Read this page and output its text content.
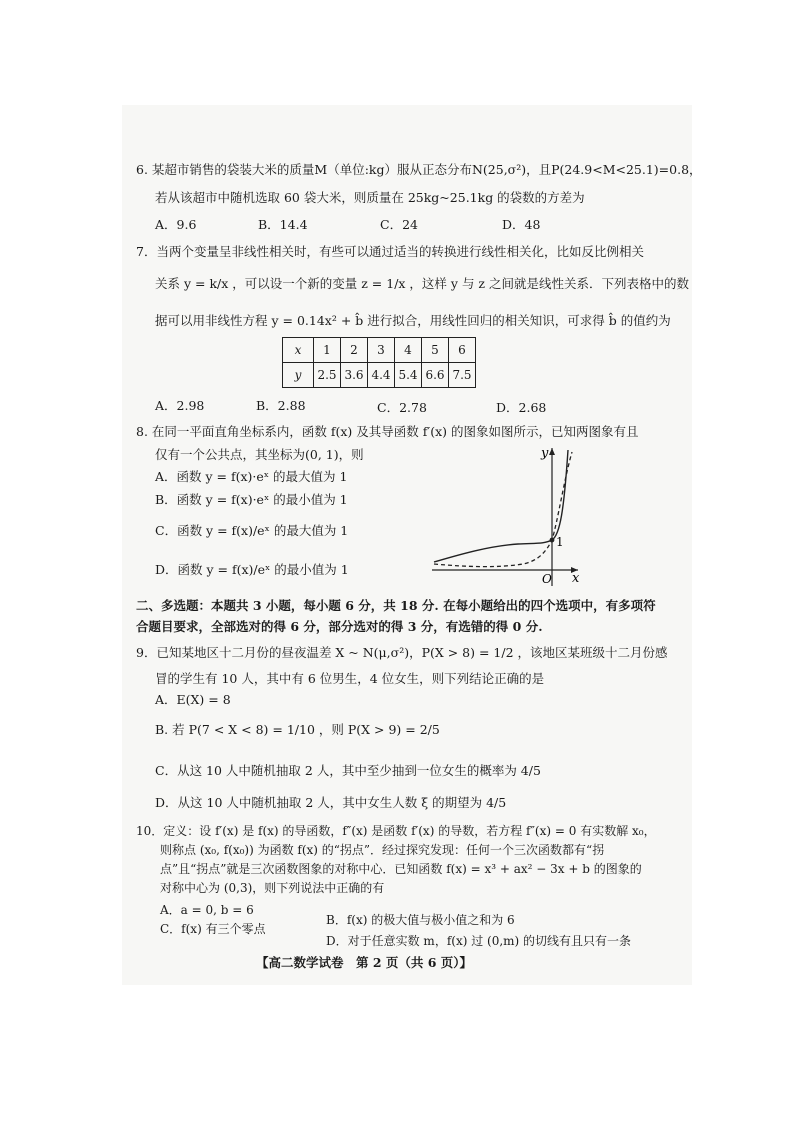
6. 某超市销售的袋装大米的质量M（单位:kg）服从正态分布N(25,σ²)，且P(24.9<M<25.1)=0.8，
若从该超市中随机选取 60 袋大米，则质量在 25kg~25.1kg 的袋数的方差为
A．9.6	B．14.4	C．24	D．48
7．当两个变量呈非线性相关时，有些可以通过适当的转换进行线性相关化，比如反比例相关
关系 y = k/x ，可以设一个新的变量 z = 1/x ，这样 y 与 z 之间就是线性关系．下列表格中的数
据可以用非线性方程 y = 0.14x² + b̂ 进行拟合，用线性回归的相关知识，可求得 b̂ 的值约为
x	1	2	3	4	5	6
y	2.5	3.6	4.4	5.4	6.6	7.5
A．2.98	B．2.88	C．2.78	D．2.68
8. 在同一平面直角坐标系内，函数 f(x) 及其导函数 f′(x) 的图象如图所示，已知两图象有且
仅有一个公共点，其坐标为(0, 1)，则
A．函数 y = f(x)·eˣ 的最大值为 1
B．函数 y = f(x)·eˣ 的最小值为 1
C．函数 y = f(x)/eˣ 的最大值为 1
D．函数 y = f(x)/eˣ 的最小值为 1
1
y
x
O
二、多选题：本题共 3 小题，每小题 6 分，共 18 分. 在每小题给出的四个选项中，有多项符
合题目要求，全部选对的得 6 分，部分选对的得 3 分，有选错的得 0 分.
9．已知某地区十二月份的昼夜温差 X ~ N(μ,σ²)，P(X > 8) = 1/2 ，该地区某班级十二月份感
冒的学生有 10 人，其中有 6 位男生，4 位女生，则下列结论正确的是
A．E(X) = 8
B. 若 P(7 < X < 8) = 1/10 ，则 P(X > 9) = 2/5
C．从这 10 人中随机抽取 2 人，其中至少抽到一位女生的概率为 4/5
D．从这 10 人中随机抽取 2 人，其中女生人数 ξ 的期望为 4/5
10．定义：设 f′(x) 是 f(x) 的导函数，f″(x) 是函数 f′(x) 的导数，若方程 f″(x) = 0 有实数解 x₀，
则称点 (x₀, f(x₀)) 为函数 f(x) 的“拐点”．经过探究发现：任何一个三次函数都有“拐
点”且“拐点”就是三次函数图象的对称中心．已知函数 f(x) = x³ + ax² − 3x + b 的图象的
对称中心为 (0,3)，则下列说法中正确的有
A．a = 0, b = 6
B．f(x) 的极大值与极小值之和为 6
C．f(x) 有三个零点
D．对于任意实数 m，f(x) 过 (0,m) 的切线有且只有一条
【高二数学试卷　第 2 页（共 6 页）】
